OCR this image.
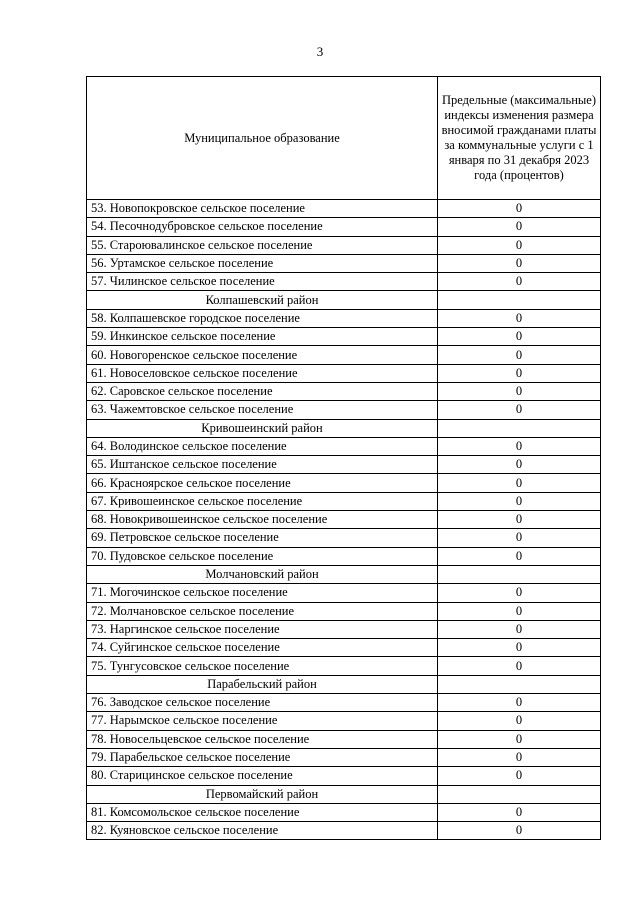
3
Муниципальное образование	Предельные (максимальные) индексы изменения размера вносимой гражданами платы за коммунальные услуги с 1 января по 31 декабря 2023 года (процентов)
53. Новопокровское сельское поселение	0
54. Песочнодубровское сельское поселение	0
55. Староювалинское сельское поселение	0
56. Уртамское сельское поселение	0
57. Чилинское сельское поселение	0
Колпашевский район	
58. Колпашевское городское поселение	0
59. Инкинское сельское поселение	0
60. Новогоренское сельское поселение	0
61. Новоселовское сельское поселение	0
62. Саровское сельское поселение	0
63. Чажемтовское сельское поселение	0
Кривошеинский район	
64. Володинское сельское поселение	0
65. Иштанское сельское поселение	0
66. Красноярское сельское поселение	0
67. Кривошеинское сельское поселение	0
68. Новокривошеинское сельское поселение	0
69. Петровское сельское поселение	0
70. Пудовское сельское поселение	0
Молчановский район	
71. Могочинское сельское поселение	0
72. Молчановское сельское поселение	0
73. Наргинское сельское поселение	0
74. Суйгинское сельское поселение	0
75. Тунгусовское сельское поселение	0
Парабельский район	
76. Заводское сельское поселение	0
77. Нарымское сельское поселение	0
78. Новосельцевское сельское поселение	0
79. Парабельское сельское поселение	0
80. Старицинское сельское поселение	0
Первомайский район	
81. Комсомольское сельское поселение	0
82. Куяновское сельское поселение	0
